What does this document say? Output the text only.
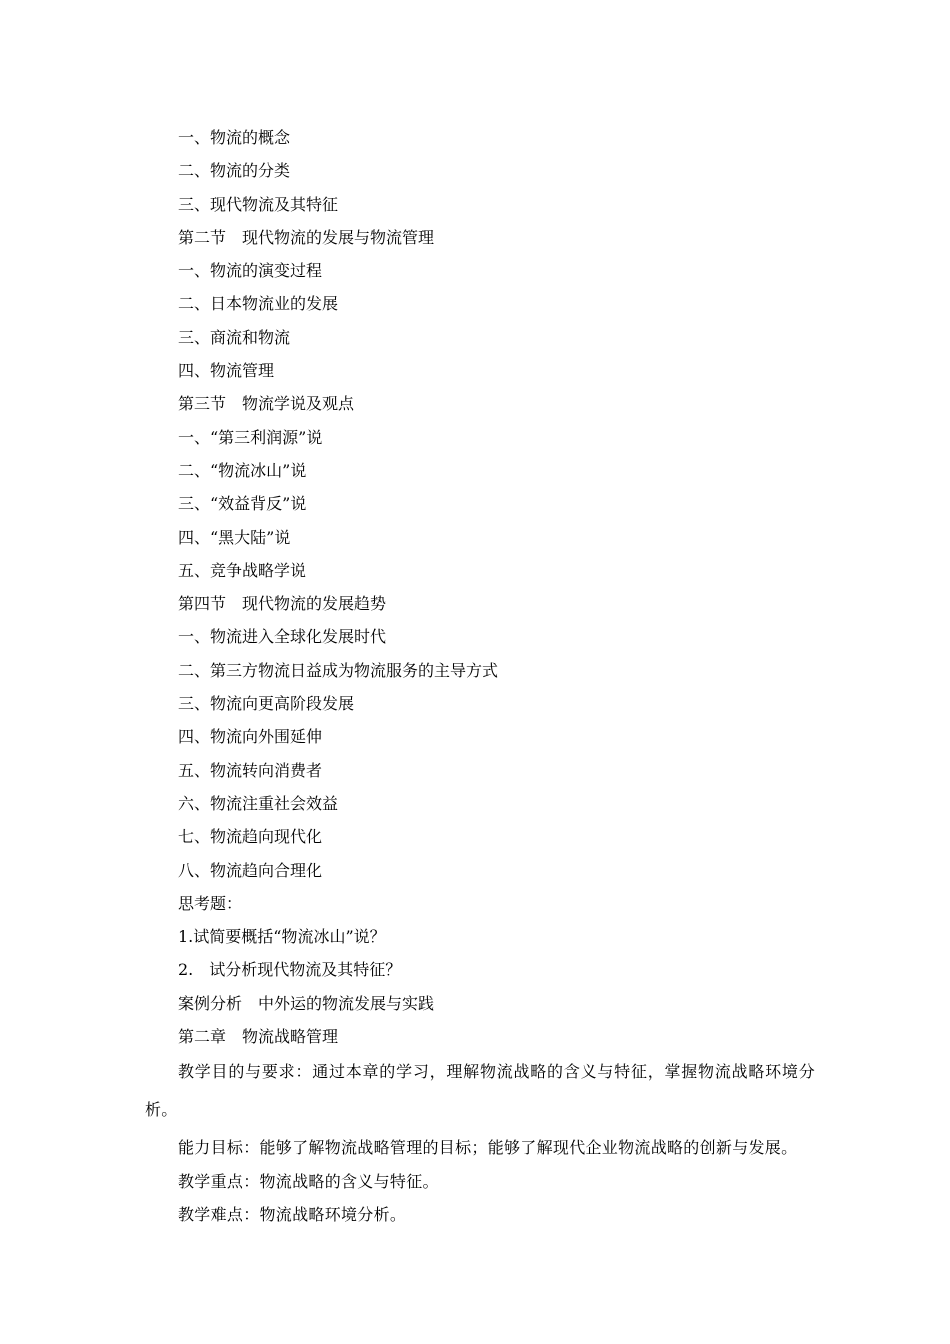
一、物流的概念
二、物流的分类
三、现代物流及其特征
第二节　现代物流的发展与物流管理
一、物流的演变过程
二、日本物流业的发展
三、商流和物流
四、物流管理
第三节　物流学说及观点
一、“第三利润源”说
二、“物流冰山”说
三、“效益背反”说
四、“黑大陆”说
五、竞争战略学说
第四节　现代物流的发展趋势
一、物流进入全球化发展时代
二、第三方物流日益成为物流服务的主导方式
三、物流向更高阶段发展
四、物流向外围延伸
五、物流转向消费者
六、物流注重社会效益
七、物流趋向现代化
八、物流趋向合理化
思考题：
1.试简要概括“物流冰山”说？
2.　试分析现代物流及其特征？
案例分析　中外运的物流发展与实践
第二章　物流战略管理
教学目的与要求：通过本章的学习，理解物流战略的含义与特征，掌握物流战略环境分析。
能力目标：能够了解物流战略管理的目标；能够了解现代企业物流战略的创新与发展。
教学重点：物流战略的含义与特征。
教学难点：物流战略环境分析。
